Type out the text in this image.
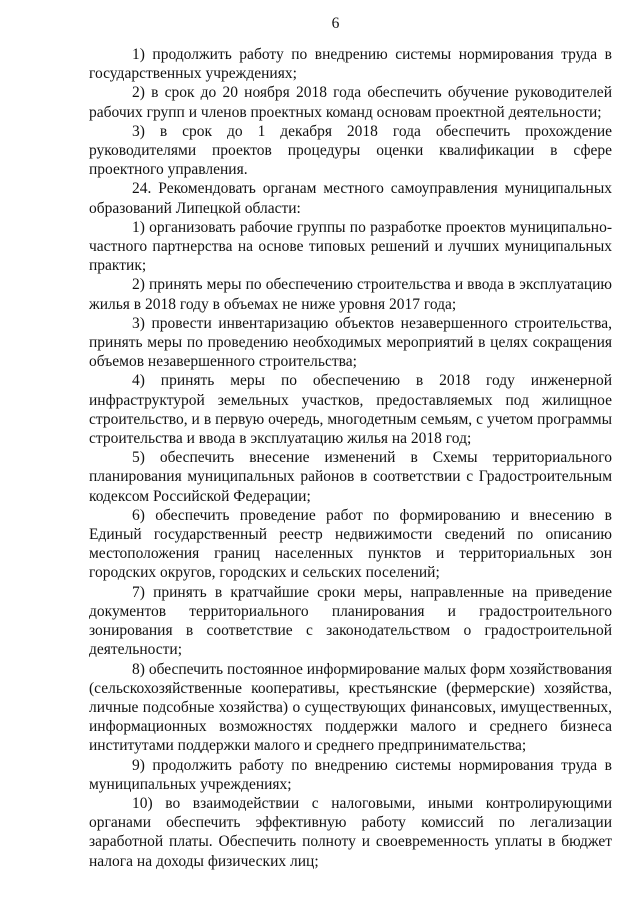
6

1) продолжить работу по внедрению системы нормирования труда в государственных учреждениях;

2) в срок до 20 ноября 2018 года обеспечить обучение руководителей рабочих групп и членов проектных команд основам проектной деятельности;

3) в срок до 1 декабря 2018 года обеспечить прохождение руководителями проектов процедуры оценки квалификации в сфере проектного управления.

24. Рекомендовать органам местного самоуправления муниципальных образований Липецкой области:

1) организовать рабочие группы по разработке проектов муниципально-частного партнерства на основе типовых решений и лучших муниципальных практик;

2) принять меры по обеспечению строительства и ввода в эксплуатацию жилья в 2018 году в объемах не ниже уровня 2017 года;

3) провести инвентаризацию объектов незавершенного строительства, принять меры по проведению необходимых мероприятий в целях сокращения объемов незавершенного строительства;

4) принять меры по обеспечению в 2018 году инженерной инфраструктурой земельных участков, предоставляемых под жилищное строительство, и в первую очередь, многодетным семьям, с учетом программы строительства и ввода в эксплуатацию жилья на 2018 год;

5) обеспечить внесение изменений в Схемы территориального планирования муниципальных районов в соответствии с Градостроительным кодексом Российской Федерации;

6) обеспечить проведение работ по формированию и внесению в Единый государственный реестр недвижимости сведений по описанию местоположения границ населенных пунктов и территориальных зон городских округов, городских и сельских поселений;

7) принять в кратчайшие сроки меры, направленные на приведение документов территориального планирования и градостроительного зонирования в соответствие с законодательством о градостроительной деятельности;

8) обеспечить постоянное информирование малых форм хозяйствования (сельскохозяйственные кооперативы, крестьянские (фермерские) хозяйства, личные подсобные хозяйства) о существующих финансовых, имущественных, информационных возможностях поддержки малого и среднего бизнеса институтами поддержки малого и среднего предпринимательства;

9) продолжить работу по внедрению системы нормирования труда в муниципальных учреждениях;

10) во взаимодействии с налоговыми, иными контролирующими органами обеспечить эффективную работу комиссий по легализации заработной платы. Обеспечить полноту и своевременность уплаты в бюджет налога на доходы физических лиц;
